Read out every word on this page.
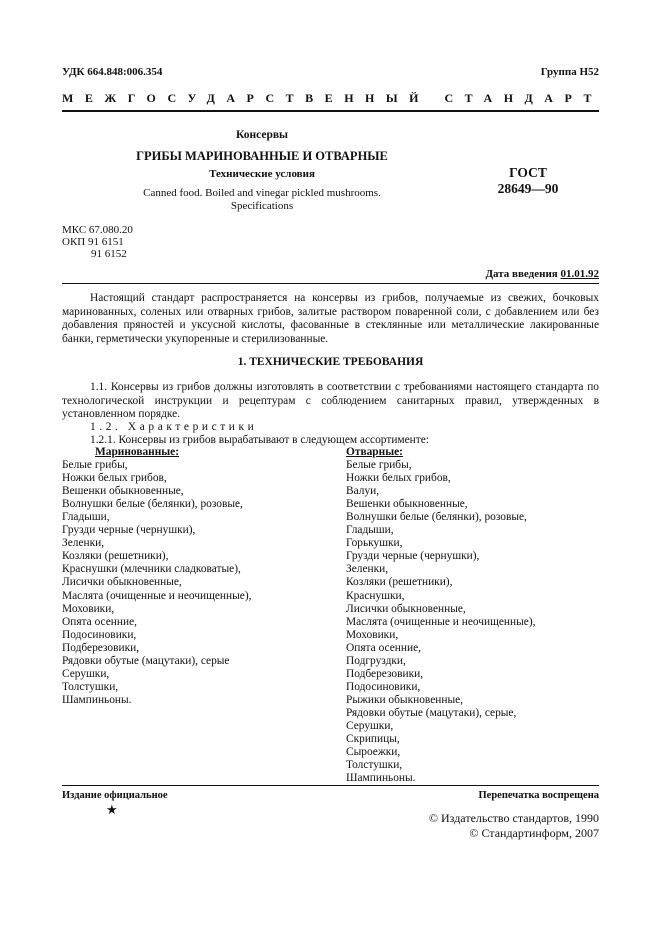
УДК 664.848:006.354	Группа Н52
МЕЖГОСУДАРСТВЕННЫЙ СТАНДАРТ
Консервы
ГРИБЫ МАРИНОВАННЫЕ И ОТВАРНЫЕ
Технические условия
Canned food. Boiled and vinegar pickled mushrooms.
Specifications
ГОСТ
28649—90
МКС 67.080.20
ОКП 91 6151
91 6152
Дата введения 01.01.92
Настоящий стандарт распространяется на консервы из грибов, получаемые из свежих, бочковых маринованных, соленых или отварных грибов, залитые раствором поваренной соли, с добавлением или без добавления пряностей и уксусной кислоты, фасованные в стеклянные или металлические лакированные банки, герметически укупоренные и стерилизованные.
1. ТЕХНИЧЕСКИЕ ТРЕБОВАНИЯ
1.1. Консервы из грибов должны изготовлять в соответствии с требованиями настоящего стандарта по технологической инструкции и рецептурам с соблюдением санитарных правил, утвержденных в установленном порядке.
1.2. Характеристики
1.2.1. Консервы из грибов вырабатывают в следующем ассортименте:
Маринованные:
Белые грибы,
Ножки белых грибов,
Вешенки обыкновенные,
Волнушки белые (белянки), розовые,
Гладыши,
Грузди черные (чернушки),
Зеленки,
Козляки (решетники),
Краснушки (млечники сладковатые),
Лисички обыкновенные,
Маслята (очищенные и неочищенные),
Моховики,
Опята осенние,
Подосиновики,
Подберезовики,
Рядовки обутые (мацутаки), серые
Серушки,
Толстушки,
Шампиньоны.
Отварные:
Белые грибы,
Ножки белых грибов,
Валуи,
Вешенки обыкновенные,
Волнушки белые (белянки), розовые,
Гладыши,
Горькушки,
Грузди черные (чернушки),
Зеленки,
Козляки (решетники),
Краснушки,
Лисички обыкновенные,
Маслята (очищенные и неочищенные),
Моховики,
Опята осенние,
Подгруздки,
Подберезовики,
Подосиновики,
Рыжики обыкновенные,
Рядовки обутые (мацутаки), серые,
Серушки,
Скрипицы,
Сыроежки,
Толстушки,
Шампиньоны.
Издание официальное
★
Перепечатка воспрещена
© Издательство стандартов, 1990
© Стандартинформ, 2007
